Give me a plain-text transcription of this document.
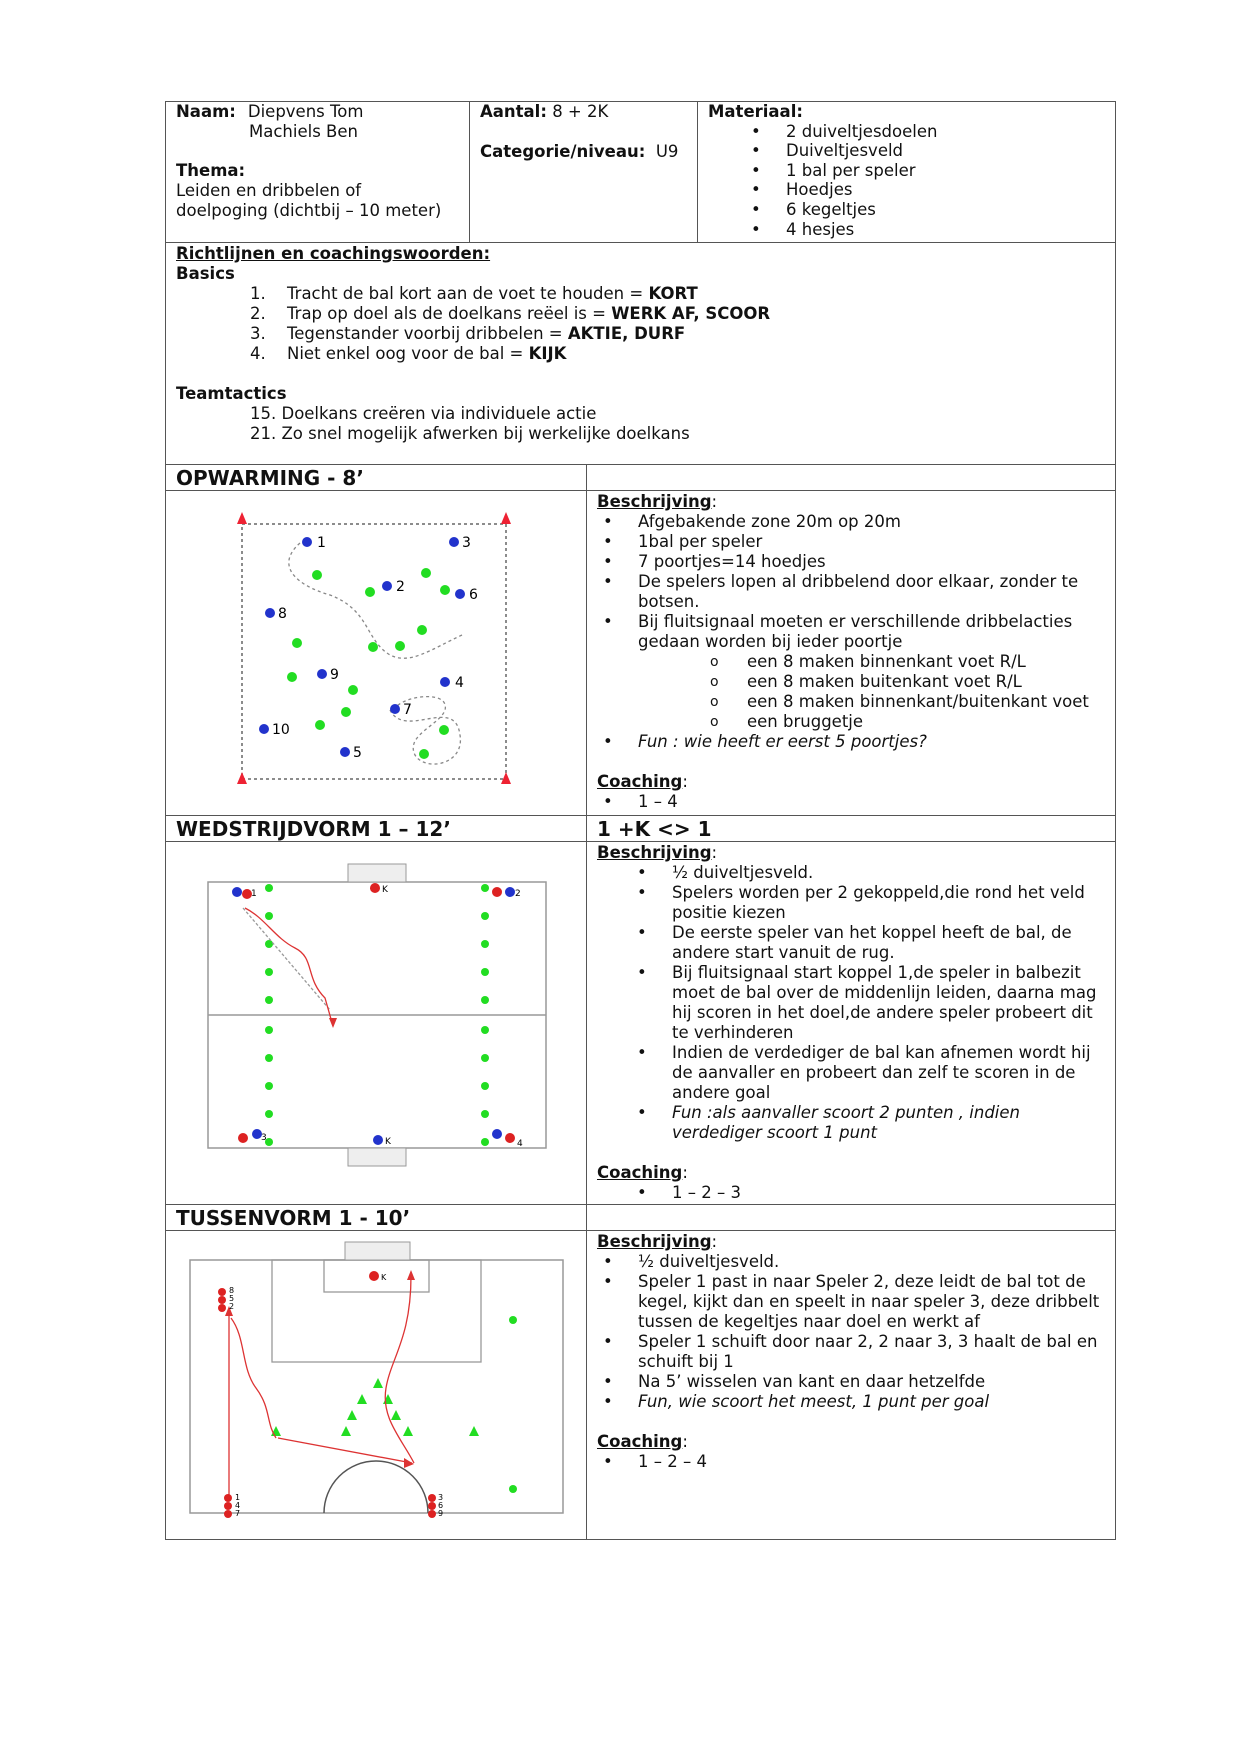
Naam: Diepvens Tom
Machiels Ben
Thema:
Leiden en dribbelen of
doelpoging (dichtbij – 10 meter)
Aantal: 8 + 2K
Categorie/niveau: U9
Materiaal:
• 2 duiveltjesdoelen
• Duiveltjesveld
• 1 bal per speler
• Hoedjes
• 6 kegeltjes
• 4 hesjes
Richtlijnen en coachingswoorden:
Basics
1. Tracht de bal kort aan de voet te houden = KORT
2. Trap op doel als de doelkans reëel is = WERK AF, SCOOR
3. Tegenstander voorbij dribbelen = AKTIE, DURF
4. Niet enkel oog voor de bal = KIJK
Teamtactics
15. Doelkans creëren via individuele actie
21. Zo snel mogelijk afwerken bij werkelijke doelkans
OPWARMING - 8’
WEDSTRIJDVORM 1 – 12’	1 +K <> 1
TUSSENVORM 1 - 10’
Beschrijving:
• Afgebakende zone 20m op 20m
• 1bal per speler
• 7 poortjes=14 hoedjes
• De spelers lopen al dribbelend door elkaar, zonder te botsen.
• Bij fluitsignaal moeten er verschillende dribbelacties gedaan worden bij ieder poortje
o een 8 maken binnenkant voet R/L
o een 8 maken buitenkant voet R/L
o een 8 maken binnenkant/buitenkant voet
o een bruggetje
• Fun : wie heeft er eerst 5 poortjes?
Coaching:
• 1 – 4
Beschrijving:
• ½ duiveltjesveld.
• Spelers worden per 2 gekoppeld,die rond het veld positie kiezen
• De eerste speler van het koppel heeft de bal, de andere start vanuit de rug.
• Bij fluitsignaal start koppel 1,de speler in balbezit moet de bal over de middenlijn leiden, daarna mag hij scoren in het doel,de andere speler probeert dit te verhinderen
• Indien de verdediger de bal kan afnemen wordt hij de aanvaller en probeert dan zelf te scoren in de andere goal
• Fun :als aanvaller scoort 2 punten , indien
verdediger scoort 1 punt
Coaching:
• 1 – 2 – 3
Beschrijving:
• ½ duiveltjesveld.
• Speler 1 past in naar Speler 2, deze leidt de bal tot de kegel, kijkt dan en speelt in naar speler 3, deze dribbelt tussen de kegeltjes naar doel en werkt af
• Speler 1 schuift door naar 2, 2 naar 3, 3 haalt de bal en schuift bij 1
• Na 5’ wisselen van kant en daar hetzelfde
• Fun, wie scoort het meest, 1 punt per goal
Coaching:
• 1 – 2 – 4
1
2
3
4
5
6
7
8
9
10
1	K	2
3
4
K
K
8
5
2
1
4
7
3
6
9
